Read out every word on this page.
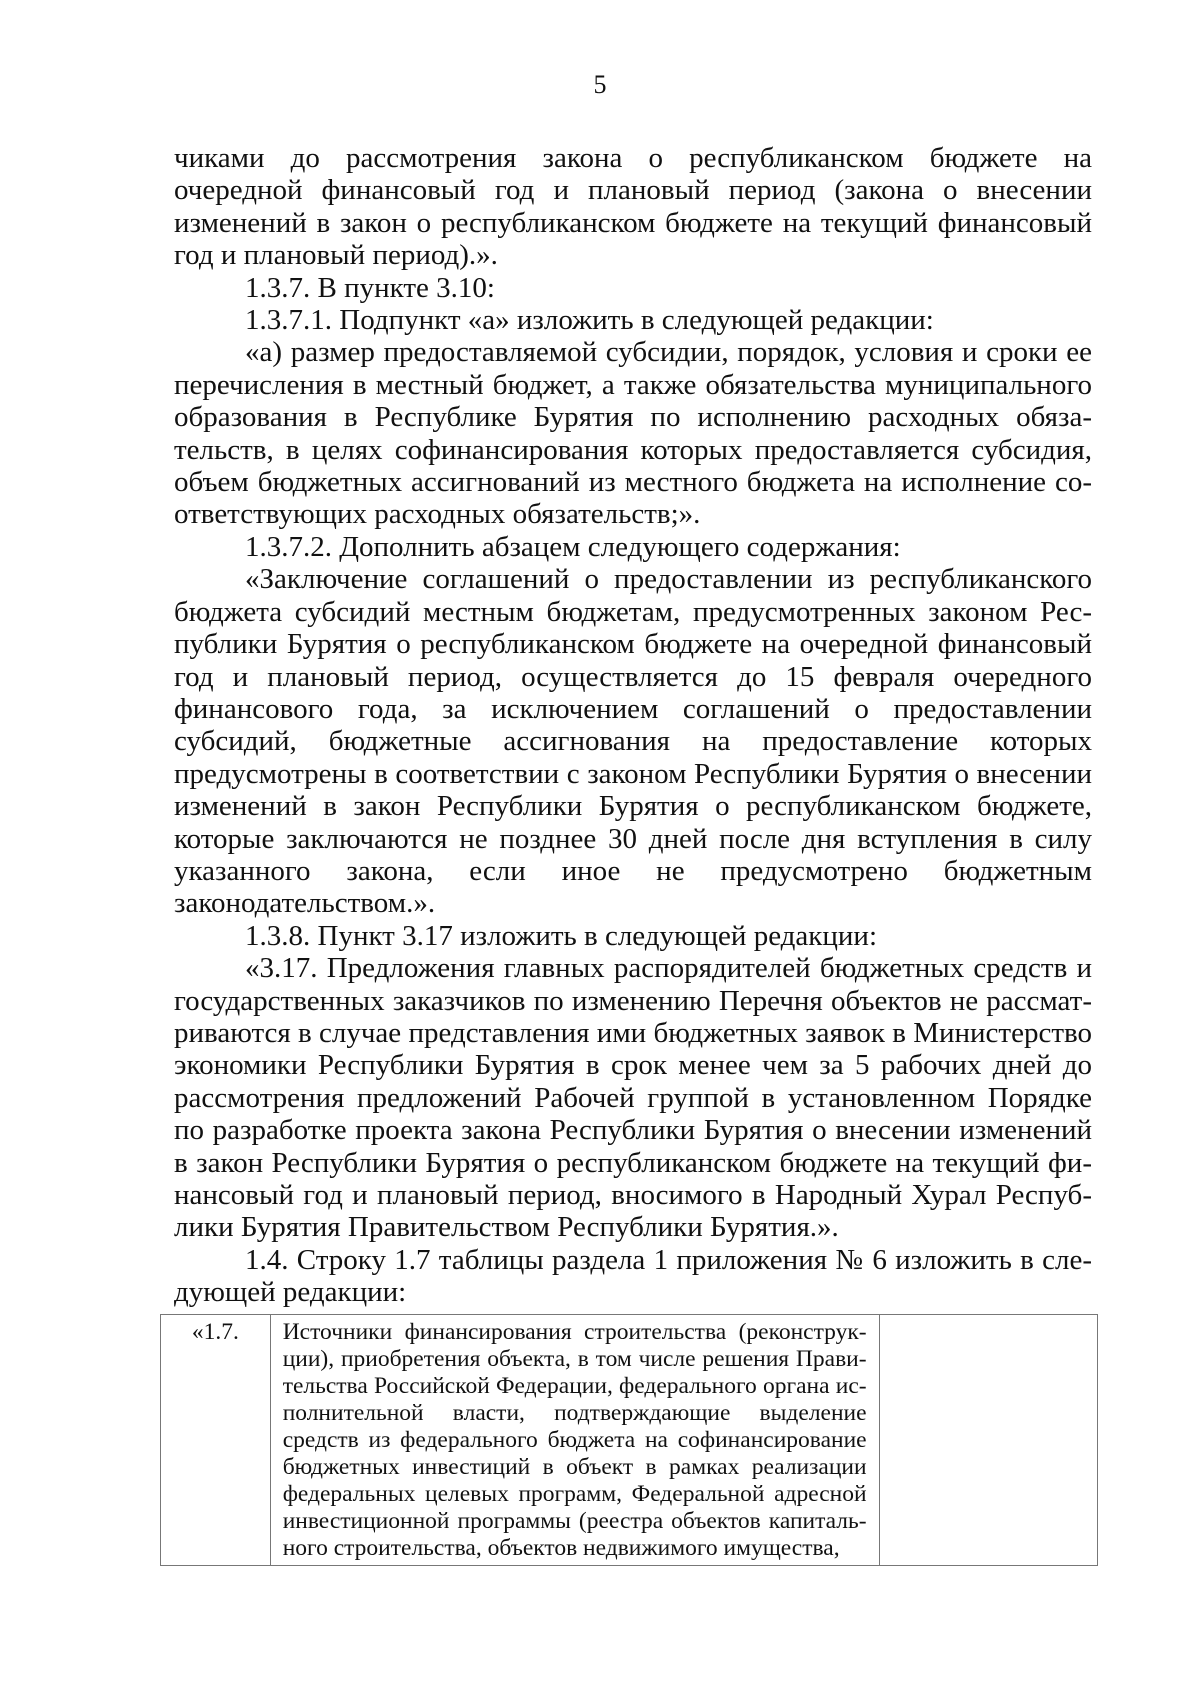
5

чиками до рассмотрения закона о республиканском бюджете на очередной финансовый год и плановый период (закона о внесении изменений в закон о республиканском бюджете на текущий финансовый год и плановый период).».

1.3.7. В пункте 3.10:

1.3.7.1. Подпункт «а» изложить в следующей редакции:

«а) размер предоставляемой субсидии, порядок, условия и сроки ее перечисления в местный бюджет, а также обязательства муниципального образования в Республике Бурятия по исполнению расходных обязательств, в целях софинансирования которых предоставляется субсидия, объем бюджетных ассигнований из местного бюджета на исполнение соответствующих расходных обязательств;».

1.3.7.2. Дополнить абзацем следующего содержания:

«Заключение соглашений о предоставлении из республиканского бюджета субсидий местным бюджетам, предусмотренных законом Республики Бурятия о республиканском бюджете на очередной финансовый год и плановый период, осуществляется до 15 февраля очередного финансового года, за исключением соглашений о предоставлении субсидий, бюджетные ассигнования на предоставление которых предусмотрены в соответствии с законом Республики Бурятия о внесении изменений в закон Республики Бурятия о республиканском бюджете, которые заключаются не позднее 30 дней после дня вступления в силу указанного закона, если иное не предусмотрено бюджетным законодательством.».

1.3.8. Пункт 3.17 изложить в следующей редакции:

«3.17. Предложения главных распорядителей бюджетных средств и государственных заказчиков по изменению Перечня объектов не рассматриваются в случае представления ими бюджетных заявок в Министерство экономики Республики Бурятия в срок менее чем за 5 рабочих дней до рассмотрения предложений Рабочей группой в установленном Порядке по разработке проекта закона Республики Бурятия о внесении изменений в закон Республики Бурятия о республиканском бюджете на текущий финансовый год и плановый период, вносимого в Народный Хурал Республики Бурятия Правительством Республики Бурятия.».

1.4. Строку 1.7 таблицы раздела 1 приложения № 6 изложить в следующей редакции:

«1.7.	Источники финансирования строительства (реконструкции), приобретения объекта, в том числе решения Правительства Российской Федерации, федерального органа исполнительной власти, подтверждающие выделение средств из федерального бюджета на софинансирование бюджетных инвестиций в объект в рамках реализации федеральных целевых программ, Федеральной адресной инвестиционной программы (реестра объектов капитального строительства, объектов недвижимого имущества,
